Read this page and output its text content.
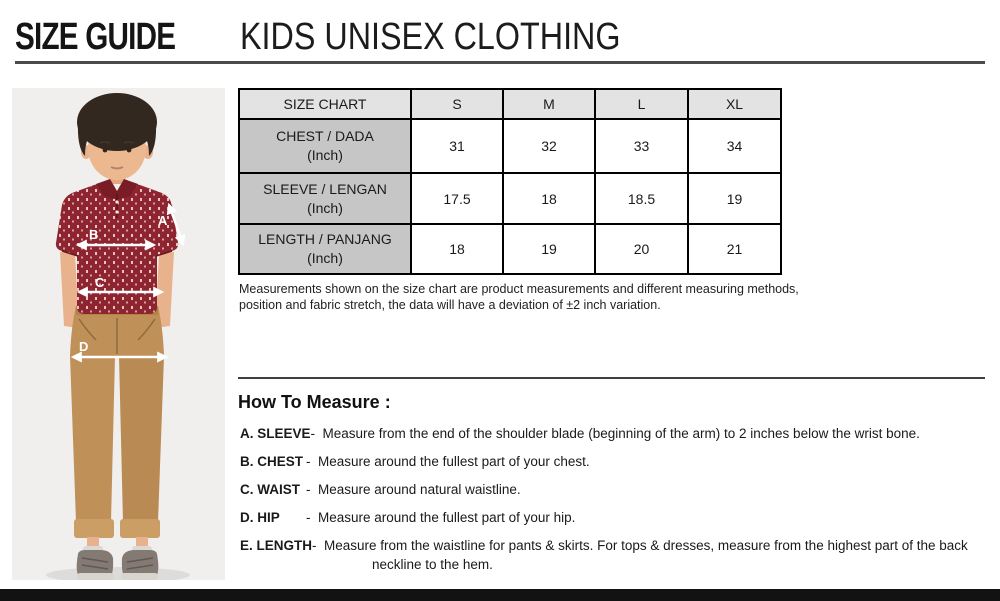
SIZE GUIDE KIDS UNISEX CLOTHING
A
B
C
D
SIZE CHART	S	M	L	XL

CHEST / DADA
(Inch)	31	32	33	34

SLEEVE / LENGAN
(Inch)	17.5	18	18.5	19

LENGTH / PANJANG
(Inch)	18	19	20	21
Measurements shown on the size chart are product measurements and different measuring methods, position and fabric stretch, the data will have a deviation of ±2 inch variation.
How To Measure :
A. SLEEVE - Measure from the end of the shoulder blade (beginning of the arm) to 2 inches below the wrist bone.
B. CHEST - Measure around the fullest part of your chest.
C. WAIST - Measure around natural waistline.
D. HIP	- Measure around the fullest part of your hip.
E. LENGTH - Measure from the waistline for pants & skirts. For tops & dresses, measure from the highest part of the back neckline to the hem.
